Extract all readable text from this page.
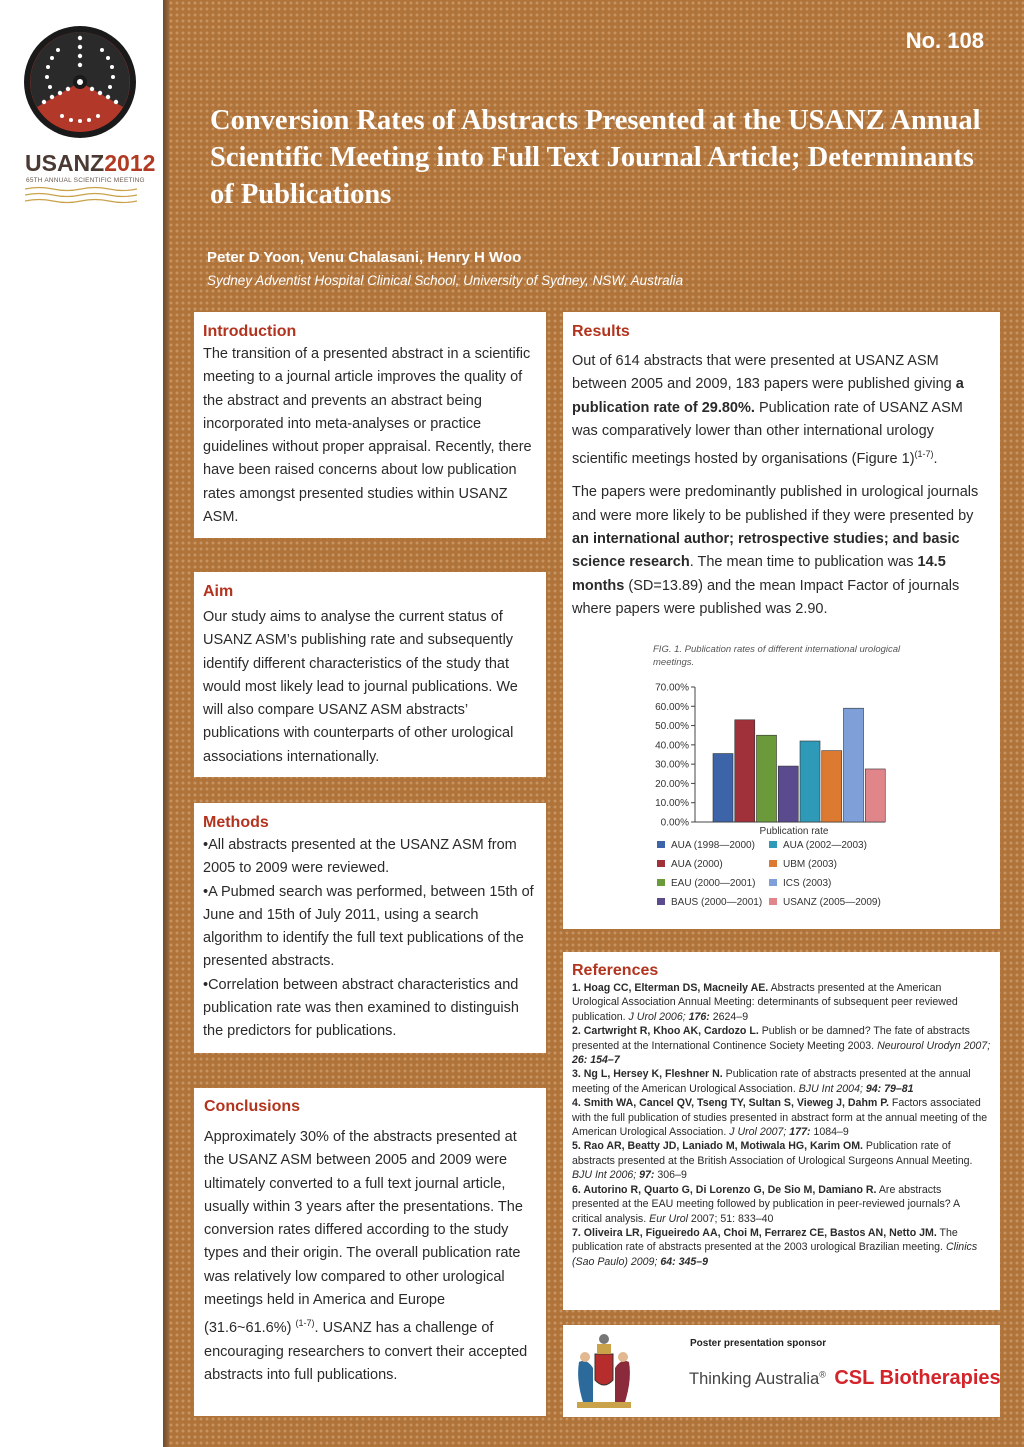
USANZ2012
65TH ANNUAL SCIENTIFIC MEETING
No. 108
Conversion Rates of Abstracts Presented at the USANZ Annual Scientific Meeting into Full Text Journal Article; Determinants of Publications
Peter D Yoon, Venu Chalasani, Henry H Woo
Sydney Adventist Hospital Clinical School, University of Sydney, NSW, Australia
Introduction

The transition of a presented abstract in a scientific meeting to a journal article improves the quality of the abstract and prevents an abstract being incorporated into meta-analyses or practice guidelines without proper appraisal. Recently, there have been raised concerns about low publication rates amongst presented studies within USANZ ASM.

Aim

Our study aims to analyse the current status of USANZ ASM’s publishing rate and subsequently identify different characteristics of the study that would most likely lead to journal publications. We will also compare USANZ ASM abstracts’ publications with counterparts of other urological associations internationally.

Methods

•All abstracts presented at the USANZ ASM from 2005 to 2009 were reviewed.

•A Pubmed search was performed, between 15th of June and 15th of July 2011, using a search algorithm to identify the full text publications of the presented abstracts.

•Correlation between abstract characteristics and publication rate was then examined to distinguish the predictors for publications.

Conclusions

Approximately 30% of the abstracts presented at the USANZ ASM between 2005 and 2009 were ultimately converted to a full text journal article, usually within 3 years after the presentations. The conversion rates differed according to the study types and their origin. The overall publication rate was relatively low compared to other urological meetings held in America and Europe (31.6~61.6%) $^{(1-7)}$. USANZ has a challenge of encouraging researchers to convert their accepted abstracts into full publications.

Results

Out of 614 abstracts that were presented at USANZ ASM between 2005 and 2009, 183 papers were published giving a publication rate of 29.80%. Publication rate of USANZ ASM was comparatively lower than other international urology scientific meetings hosted by organisations (Figure 1)$^{(1-7)}$.

The papers were predominantly published in urological journals and were more likely to be published if they were presented by an international author; retrospective studies; and basic science research. The mean time to publication was 14.5 months (SD=13.89) and the mean Impact Factor of journals where papers were published was 2.90.

0.00%
10.00%
20.00%
30.00%
40.00%
50.00%
60.00%
70.00%
Publication rate
AUA (1998—2000)
AUA (2000)
EAU (2000—2001)
BAUS (2000—2001)
AUA (2002—2003)
UBM (2003)
ICS (2003)
USANZ (2005—2009)
FIG. 1. Publication rates of different international urological meetings.
References
1. Hoag CC, Elterman DS, Macneily AE. Abstracts presented at the American Urological Association Annual Meeting: determinants of subsequent peer reviewed publication. J Urol 2006; 176: 2624–9
2. Cartwright R, Khoo AK, Cardozo L. Publish or be damned? The fate of abstracts presented at the International Continence Society Meeting 2003. Neurourol Urodyn 2007; 26: 154–7
3. Ng L, Hersey K, Fleshner N. Publication rate of abstracts presented at the annual meeting of the American Urological Association. BJU Int 2004; 94: 79–81
4. Smith WA, Cancel QV, Tseng TY, Sultan S, Vieweg J, Dahm P. Factors associated with the full publication of studies presented in abstract form at the annual meeting of the American Urological Association. J Urol 2007; 177: 1084–9
5. Rao AR, Beatty JD, Laniado M, Motiwala HG, Karim OM. Publication rate of abstracts presented at the British Association of Urological Surgeons Annual Meeting. BJU Int 2006; 97: 306–9
6. Autorino R, Quarto G, Di Lorenzo G, De Sio M, Damiano R. Are abstracts presented at the EAU meeting followed by publication in peer-reviewed journals? A critical analysis. Eur Urol 2007; 51: 833–40
7. Oliveira LR, Figueiredo AA, Choi M, Ferrarez CE, Bastos AN, Netto JM. The publication rate of abstracts presented at the 2003 urological Brazilian meeting. Clinics (Sao Paulo) 2009; 64: 345–9
Poster presentation sponsor
Thinking Australia® CSL Biotherapies
